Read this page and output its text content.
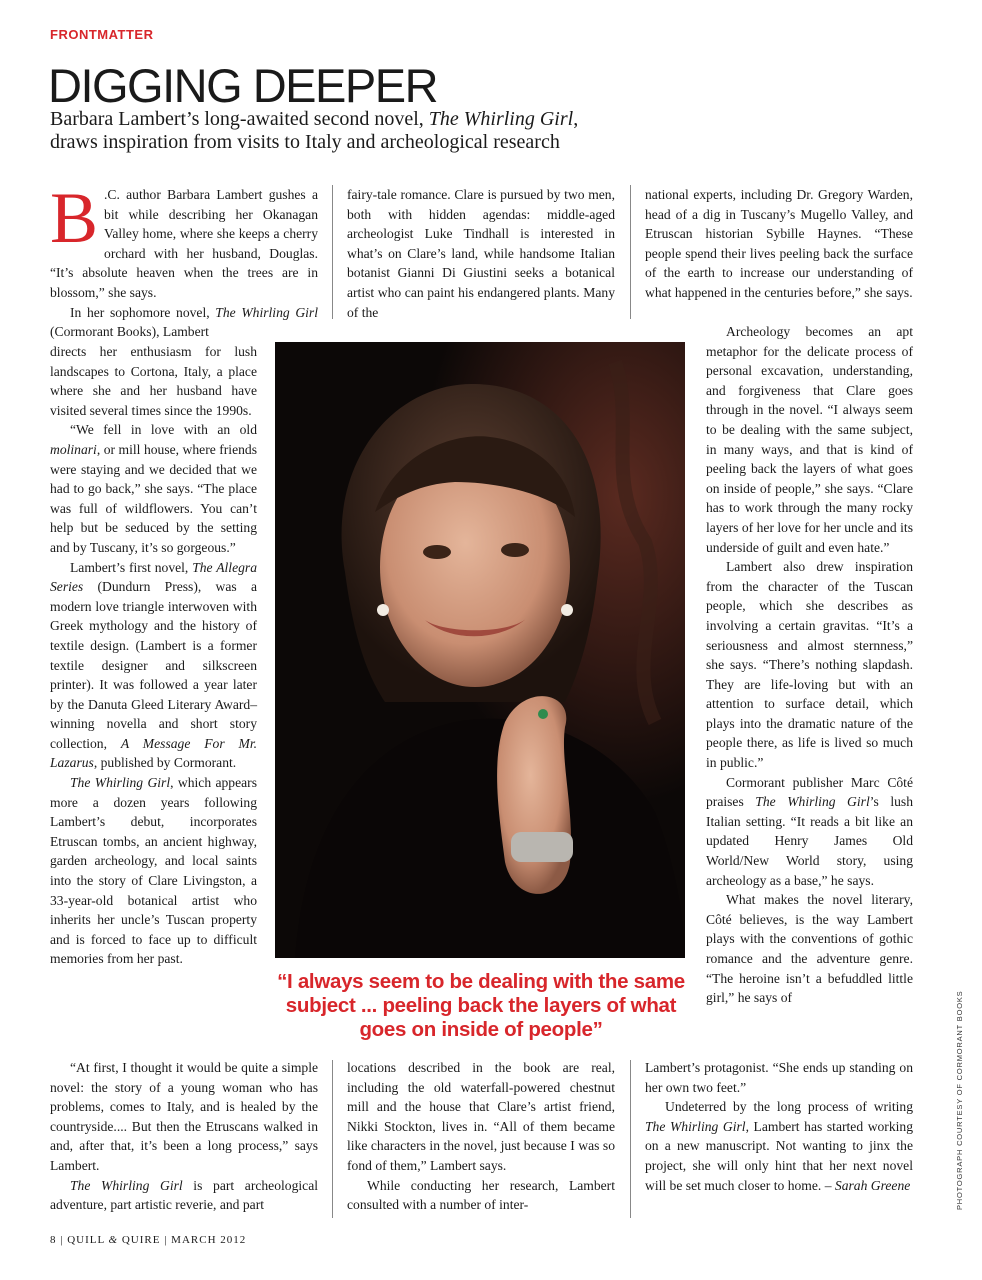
FRONTMATTER
DIGGING DEEPER

Barbara Lambert’s long-awaited second novel, The Whirling Girl, draws inspiration from visits to Italy and archeological research

B .C. author Barbara Lambert gushes a bit while describing her Okanagan Valley home, where she keeps a cherry orchard with her husband, Douglas. “It’s absolute heaven when the trees are in blossom,” she says.

In her sophomore novel, The Whirling Girl (Cormorant Books), Lambert

directs her enthusiasm for lush landscapes to Cortona, Italy, a place where she and her husband have visited several times since the 1990s.

“We fell in love with an old molinari, or mill house, where friends were staying and we decided that we had to go back,” she says. “The place was full of wildflowers. You can’t help but be seduced by the setting and by Tuscany, it’s so gorgeous.”

Lambert’s first novel, The Allegra Series (Dundurn Press), was a modern love triangle interwoven with Greek mythology and the history of textile design. (Lambert is a former textile designer and silkscreen printer). It was followed a year later by the Danuta Gleed Literary Award–winning novella and short story collection, A Message For Mr. Lazarus, published by Cormorant.

The Whirling Girl, which appears more a dozen years following Lambert’s debut, incorporates Etruscan tombs, an ancient highway, garden archeology, and local saints into the story of Clare Livingston, a 33-year-old botanical artist who inherits her uncle’s Tuscan property and is forced to face up to difficult memories from her past.

“At first, I thought it would be quite a simple novel: the story of a young woman who has problems, comes to Italy, and is healed by the countryside.... But then the Etruscans walked in and, after that, it’s been a long process,” says Lambert.

The Whirling Girl is part archeological adventure, part artistic reverie, and part

fairy-tale romance. Clare is pursued by two men, both with hidden agendas: middle-aged archeologist Luke Tindhall is interested in what’s on Clare’s land, while handsome Italian botanist Gianni Di Giustini seeks a botanical artist who can paint his endangered plants. Many of the

locations described in the book are real, including the old waterfall-powered chestnut mill and the house that Clare’s artist friend, Nikki Stockton, lives in. “All of them became like characters in the novel, just because I was so fond of them,” Lambert says.

While conducting her research, Lambert consulted with a number of inter-

national experts, including Dr. Gregory Warden, head of a dig in Tuscany’s Mugello Valley, and Etruscan historian Sybille Haynes. “These people spend their lives peeling back the surface of the earth to increase our understanding of what happened in the centuries before,” she says.

Archeology becomes an apt metaphor for the delicate process of personal excavation, understanding, and forgiveness that Clare goes through in the novel. “I always seem to be dealing with the same subject, in many ways, and that is kind of peeling back the layers of what goes on inside of people,” she says. “Clare has to work through the many rocky layers of her love for her uncle and its underside of guilt and even hate.”

Lambert also drew inspiration from the character of the Tuscan people, which she describes as involving a certain gravitas. “It’s a seriousness and almost sternness,” she says. “There’s nothing slapdash. They are life-loving but with an attention to surface detail, which plays into the dramatic nature of the people there, as life is lived so much in public.”

Cormorant publisher Marc Côté praises The Whirling Girl’s lush Italian setting. “It reads a bit like an updated Henry James Old World/New World story, using archeology as a base,” he says.

What makes the novel literary, Côté believes, is the way Lambert plays with the conventions of gothic romance and the adventure genre. “The heroine isn’t a befuddled little girl,” he says of

Lambert’s protagonist. “She ends up standing on her own two feet.”

Undeterred by the long process of writing The Whirling Girl, Lambert has started working on a new manuscript. Not wanting to jinx the project, she will only hint that her next novel will be set much closer to home. – Sarah Greene

“I always seem to be dealing with the same subject ... peeling back the layers of what goes on inside of people”	PHOTOGRAPH COURTESY OF CORMORANT BOOKS
8 | QUILL & QUIRE | MARCH 2012
